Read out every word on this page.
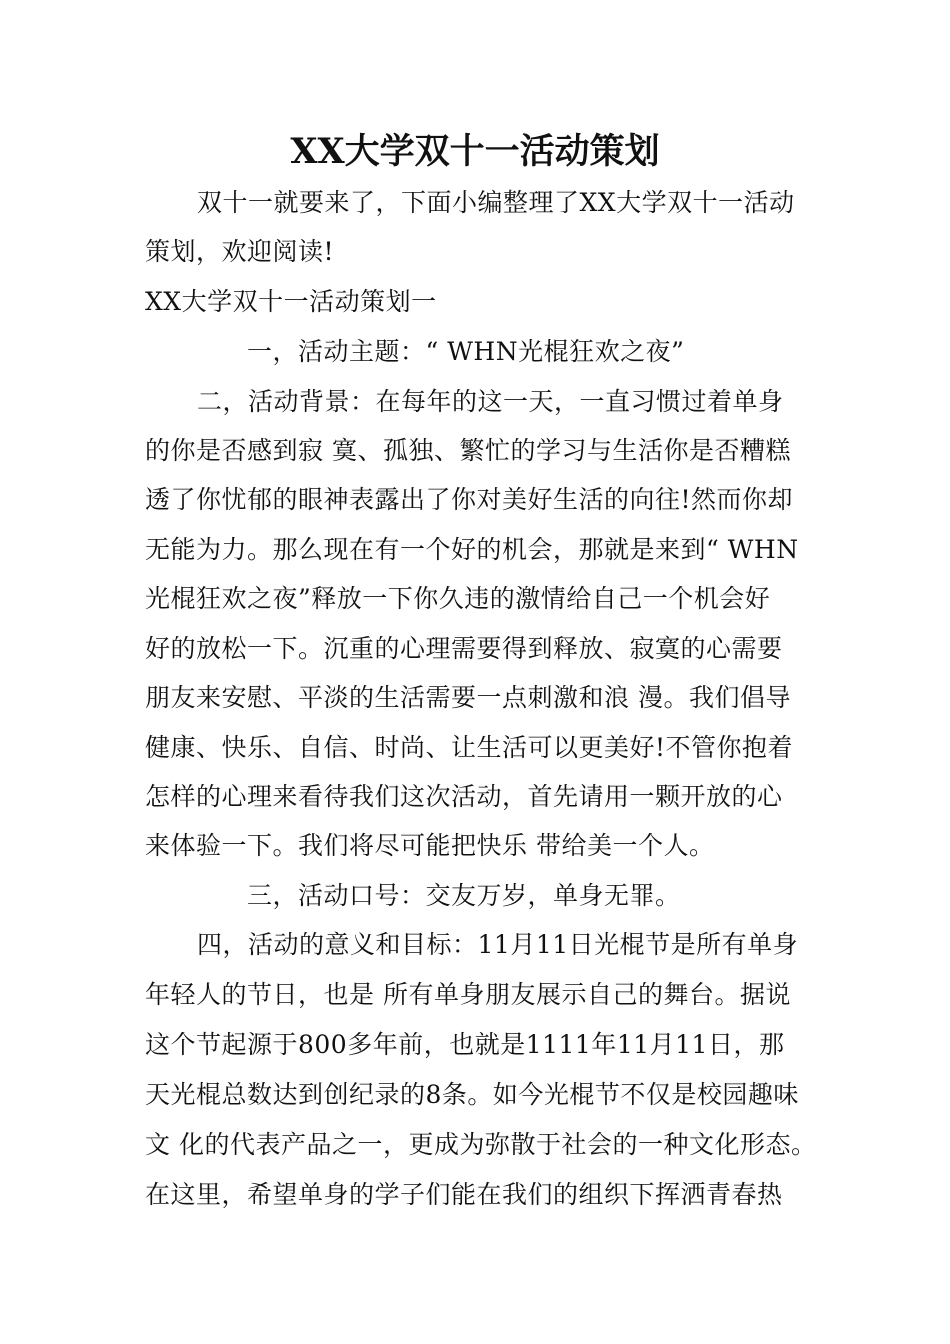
XX大学双十一活动策划
双十一就要来了，下面小编整理了XX大学双十一活动
策划，欢迎阅读!
XX大学双十一活动策划一
一，活动主题：“ WHN光棍狂欢之夜”
二，活动背景：在每年的这一天，一直习惯过着单身
的你是否感到寂 寞、孤独、繁忙的学习与生活你是否糟糕
透了你忧郁的眼神表露出了你对美好生活的向往!然而你却
无能为力。那么现在有一个好的机会，那就是来到“ WHN
光棍狂欢之夜”释放一下你久违的激情给自己一个机会好
好的放松一下。沉重的心理需要得到释放、寂寞的心需要
朋友来安慰、平淡的生活需要一点刺激和浪 漫。我们倡导
健康、快乐、自信、时尚、让生活可以更美好!不管你抱着
怎样的心理来看待我们这次活动，首先请用一颗开放的心
来体验一下。我们将尽可能把快乐 带给美一个人。
三，活动口号：交友万岁，单身无罪。
四，活动的意义和目标：11月11日光棍节是所有单身
年轻人的节日，也是 所有单身朋友展示自己的舞台。据说
这个节起源于800多年前，也就是1111年11月11日，那
天光棍总数达到创纪录的8条。如今光棍节不仅是校园趣味
文 化的代表产品之一，更成为弥散于社会的一种文化形态。
在这里，希望单身的学子们能在我们的组织下挥洒青春热
